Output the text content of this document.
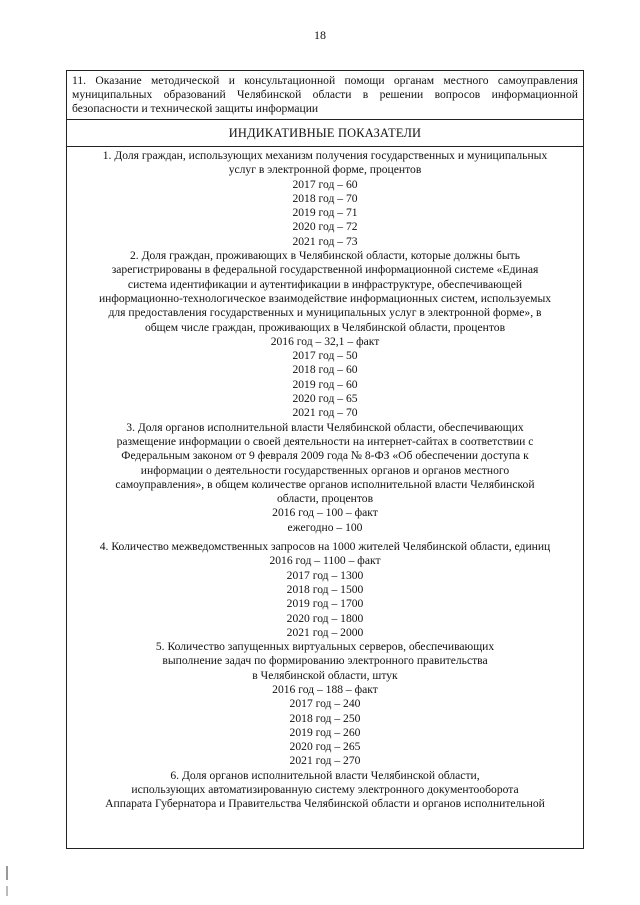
18
11. Оказание методической и консультационной помощи органам местного самоуправления муниципальных образований Челябинской области в решении вопросов информационной безопасности и технической защиты информации
ИНДИКАТИВНЫЕ ПОКАЗАТЕЛИ
1. Доля граждан, использующих механизм получения государственных и муниципальных
услуг в электронной форме, процентов
2017 год – 60
2018 год – 70
2019 год – 71
2020 год – 72
2021 год – 73
2. Доля граждан, проживающих в Челябинской области, которые должны быть
зарегистрированы в федеральной государственной информационной системе «Единая
система идентификации и аутентификации в инфраструктуре, обеспечивающей
информационно-технологическое взаимодействие информационных систем, используемых
для предоставления государственных и муниципальных услуг в электронной форме», в
общем числе граждан, проживающих в Челябинской области, процентов
2016 год – 32,1 – факт
2017 год – 50
2018 год – 60
2019 год – 60
2020 год – 65
2021 год – 70
3. Доля органов исполнительной власти Челябинской области, обеспечивающих
размещение информации о своей деятельности на интернет-сайтах в соответствии с
Федеральным законом от 9 февраля 2009 года № 8-ФЗ «Об обеспечении доступа к
информации о деятельности государственных органов и органов местного
самоуправления», в общем количестве органов исполнительной власти Челябинской
области, процентов
2016 год – 100 – факт
ежегодно – 100
4. Количество межведомственных запросов на 1000 жителей Челябинской области, единиц
2016 год – 1100 – факт
2017 год – 1300
2018 год – 1500
2019 год – 1700
2020 год – 1800
2021 год – 2000
5. Количество запущенных виртуальных серверов, обеспечивающих
выполнение задач по формированию электронного правительства
в Челябинской области, штук
2016 год – 188 – факт
2017 год – 240
2018 год – 250
2019 год – 260
2020 год – 265
2021 год – 270
6. Доля органов исполнительной власти Челябинской области,
использующих автоматизированную систему электронного документооборота
Аппарата Губернатора и Правительства Челябинской области и органов исполнительной
